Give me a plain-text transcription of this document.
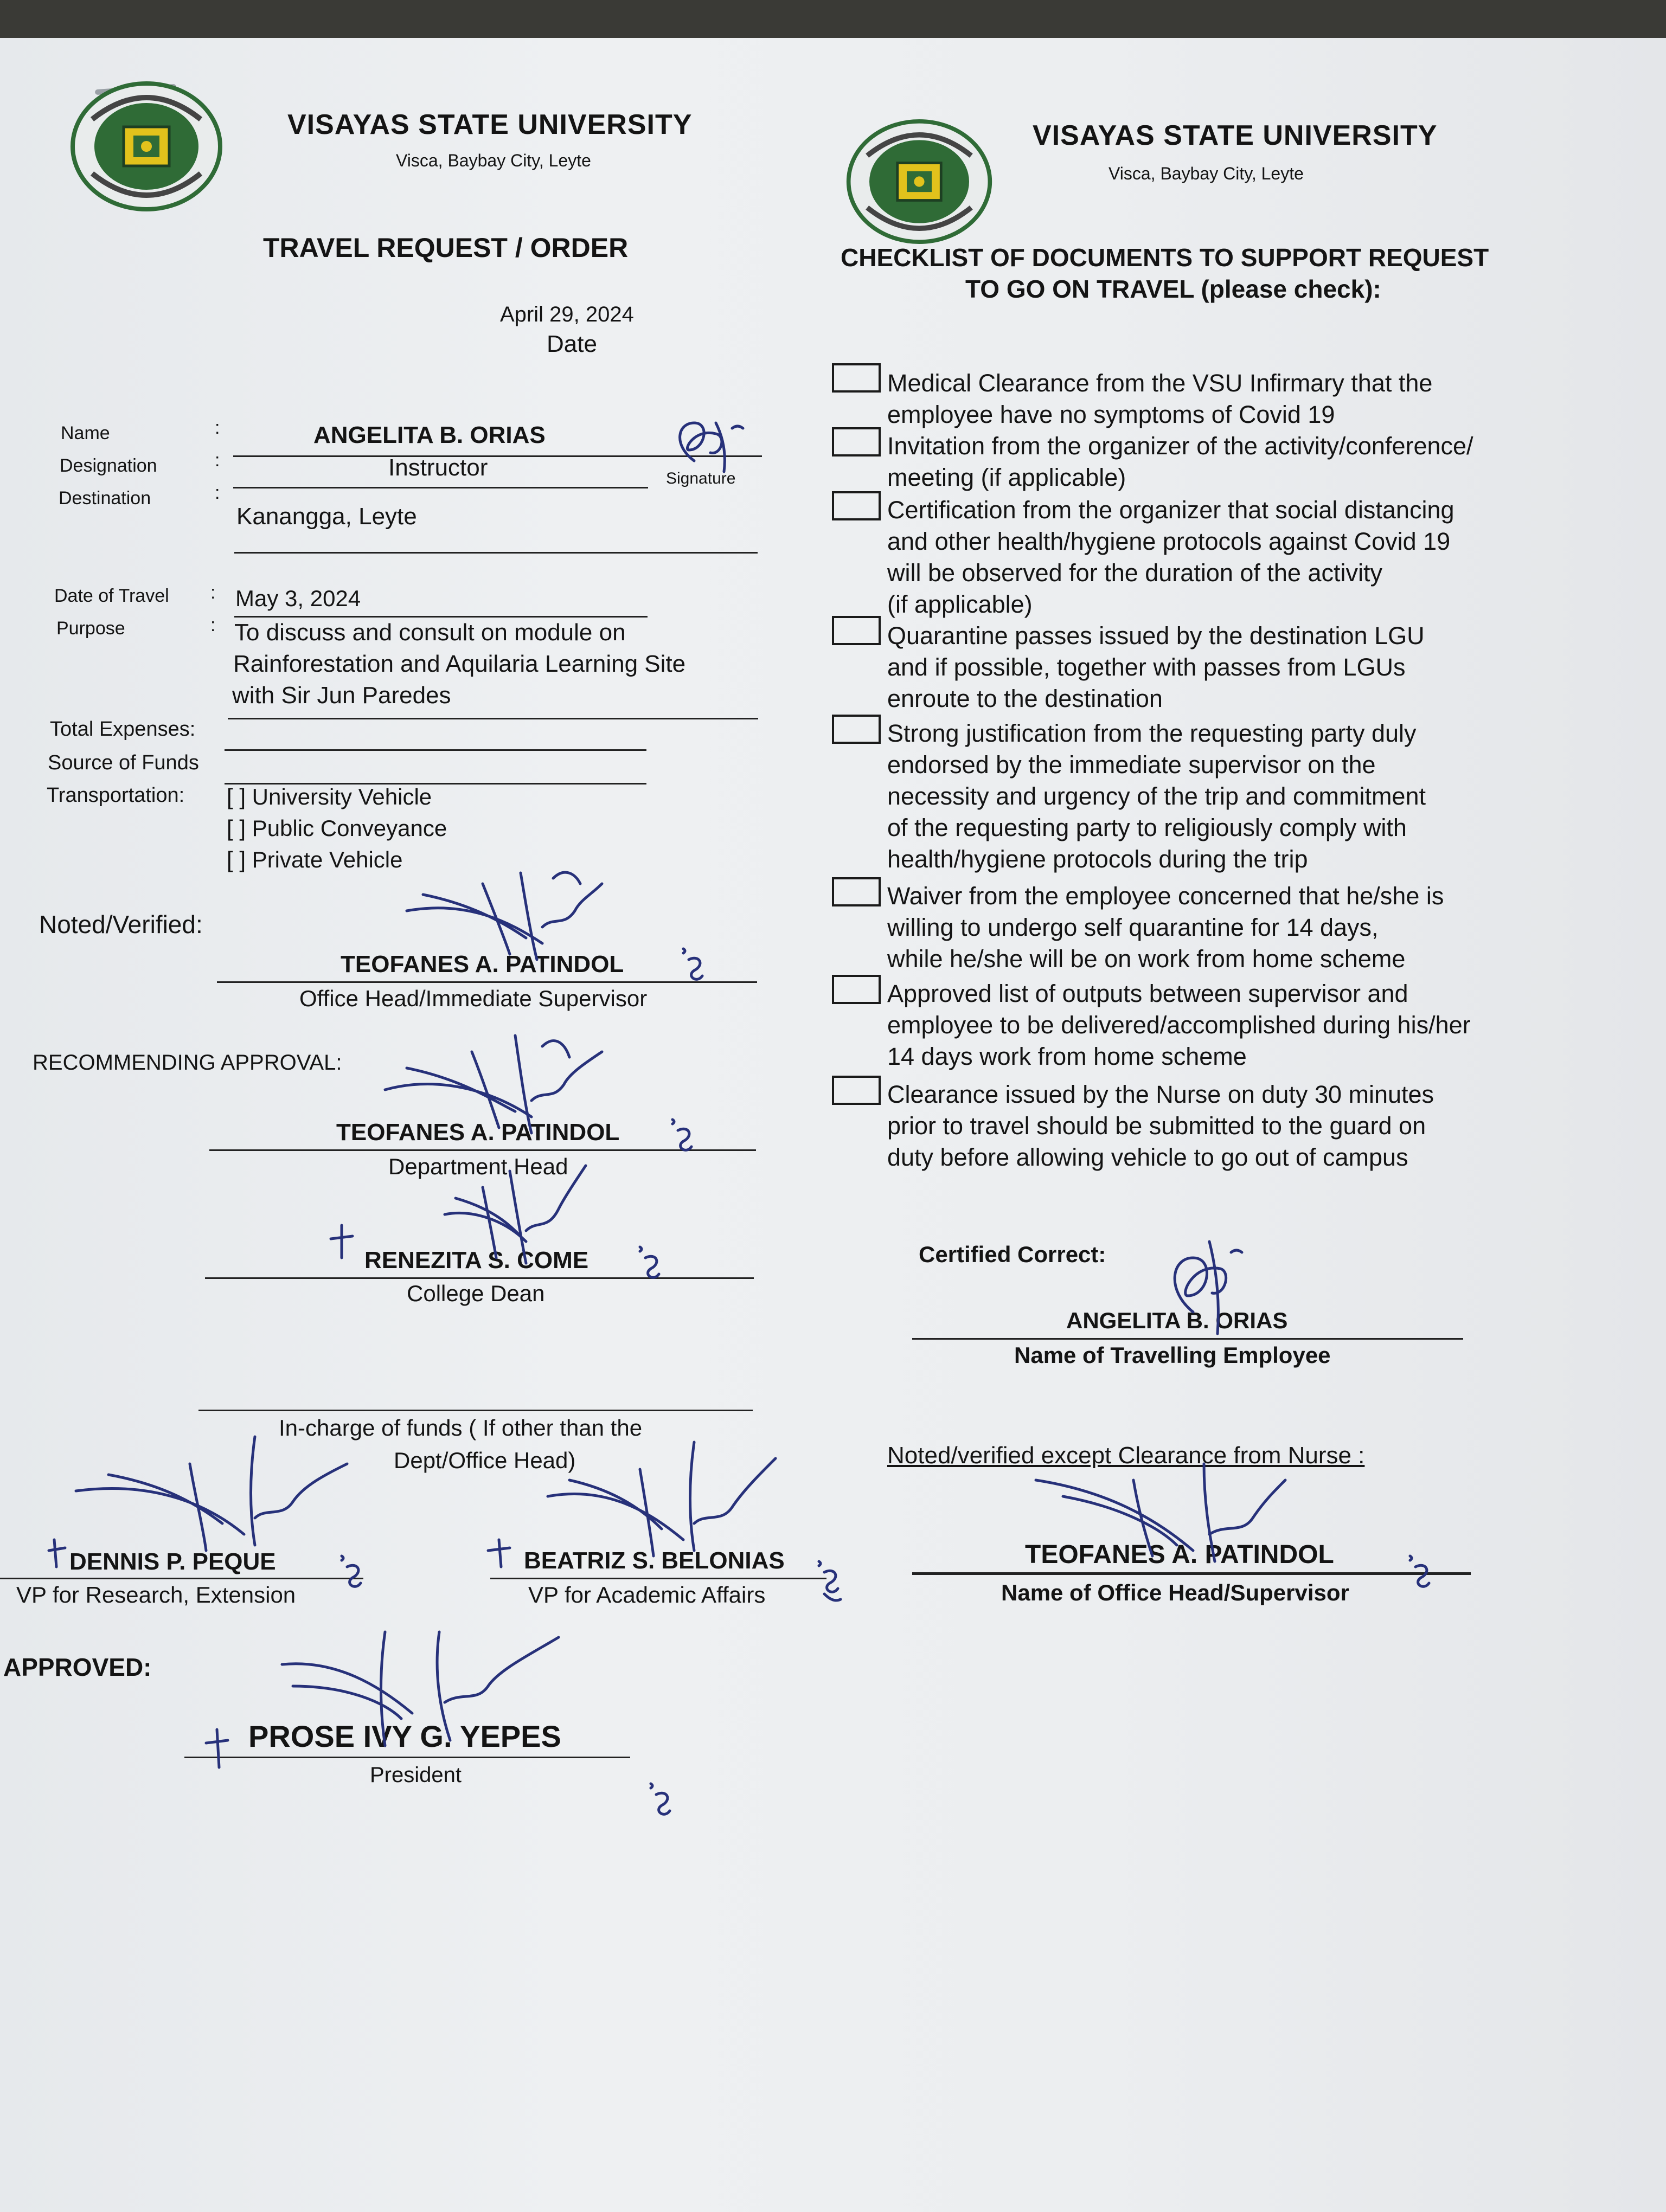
VISAYAS STATE UNIVERSITY
Visca, Baybay City, Leyte
TRAVEL REQUEST / ORDER
April 29, 2024
Date
Name	:	ANGELITA B. ORIAS
Signature
Designation	:	Instructor
Destination	:
Kanangga, Leyte
Date of Travel : May 3, 2024
Purpose	: To discuss and consult on module on
Rainforestation and Aquilaria Learning Site
with Sir Jun Paredes
Total Expenses:
Source of Funds
Transportation: [ ] University Vehicle
[ ] Public Conveyance
[ ] Private Vehicle
Noted/Verified:
TEOFANES A. PATINDOL
Office Head/Immediate Supervisor
RECOMMENDING APPROVAL:
TEOFANES A. PATINDOL
Department Head
RENEZITA S. COME
College Dean
In-charge of funds ( If other than the
Dept/Office Head)
DENNIS P. PEQUE
VP for Research, Extension
BEATRIZ S. BELONIAS
VP for Academic Affairs
APPROVED:
PROSE IVY G. YEPES
President
VISAYAS STATE UNIVERSITY
Visca, Baybay City, Leyte
CHECKLIST OF DOCUMENTS TO SUPPORT REQUEST
TO GO ON TRAVEL (please check):
Medical Clearance from the VSU Infirmary that the
employee have no symptoms of Covid 19
Invitation from the organizer of the activity/conference/
meeting (if applicable)
Certification from the organizer that social distancing
and other health/hygiene protocols against Covid 19
will be observed for the duration of the activity
(if applicable)
Quarantine passes issued by the destination LGU
and if possible, together with passes from LGUs
enroute to the destination
Strong justification from the requesting party duly
endorsed by the immediate supervisor on the
necessity and urgency of the trip and commitment
of the requesting party to religiously comply with
health/hygiene protocols during the trip
Waiver from the employee concerned that he/she is
willing to undergo self quarantine for 14 days,
while he/she will be on work from home scheme
Approved list of outputs between supervisor and
employee to be delivered/accomplished during his/her
14 days work from home scheme
Clearance issued by the Nurse on duty 30 minutes
prior to travel should be submitted to the guard on
duty before allowing vehicle to go out of campus
Certified Correct:
ANGELITA B. ORIAS
Name of Travelling Employee
Noted/verified except Clearance from Nurse :
TEOFANES A. PATINDOL
Name of Office Head/Supervisor
